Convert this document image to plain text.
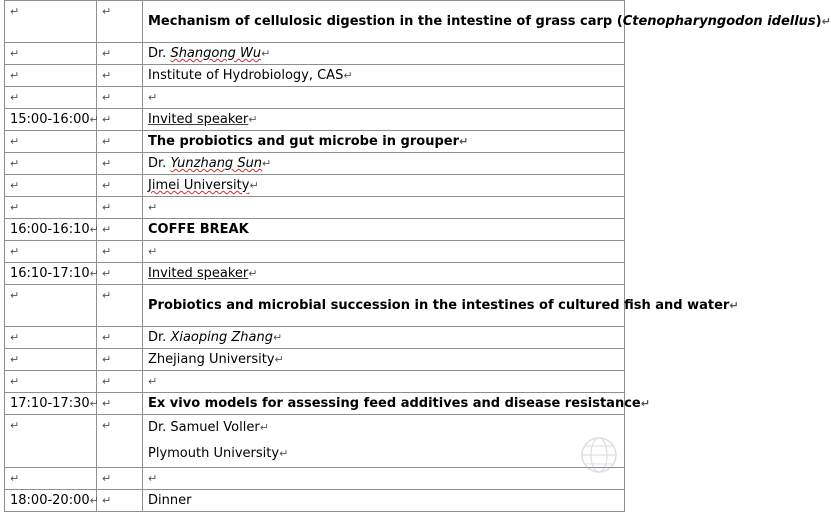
↵	↵	Mechanism of cellulosic digestion in the intestine of grass carp (Ctenopharyngodon idellus)↵
↵	↵	Dr. Shangong Wu↵
↵	↵	Institute of Hydrobiology, CAS↵
↵	↵	↵
15:00-16:00↵	↵	Invited speaker↵
↵	↵	The probiotics and gut microbe in grouper↵
↵	↵	Dr. Yunzhang Sun↵
↵	↵	Jimei University↵
↵	↵	↵
16:00-16:10↵	↵	COFFE BREAK
↵	↵	↵
16:10-17:10↵	↵	Invited speaker↵
↵	↵	Probiotics and microbial succession in the intestines of cultured fish and water↵
↵	↵	Dr. Xiaoping Zhang↵
↵	↵	Zhejiang University↵
↵	↵	↵
17:10-17:30↵	↵	Ex vivo models for assessing feed additives and disease resistance↵
↵	↵	Dr. Samuel Voller↵
Plymouth University↵

↵	↵	↵
18:00-20:00↵	↵	Dinner
